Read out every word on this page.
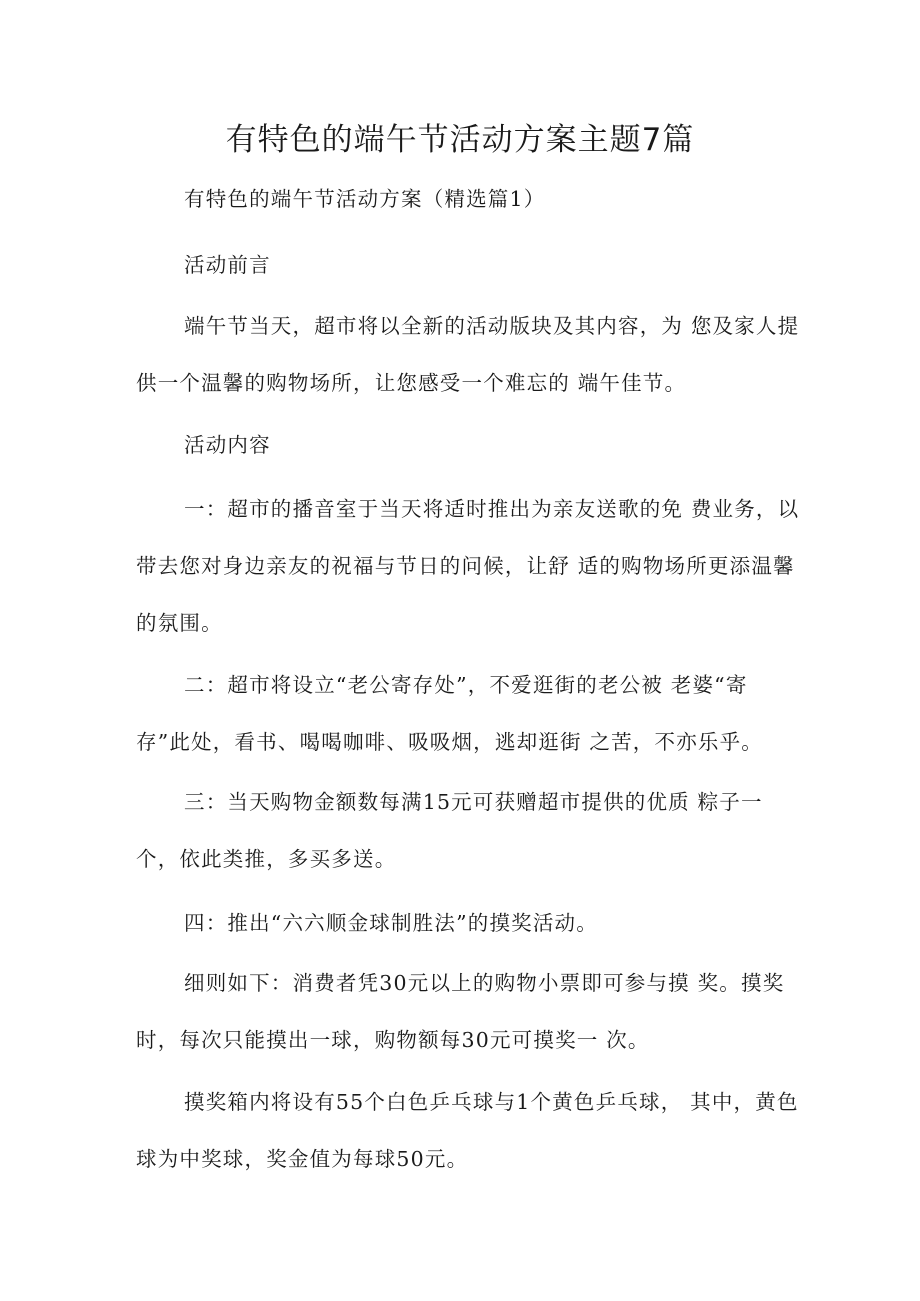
有特色的端午节活动方案主题7篇

有特色的端午节活动方案（精选篇1）

活动前言

端午节当天，超市将以全新的活动版块及其内容，为 您及家人提供一个温馨的购物场所，让您感受一个难忘的 端午佳节。

活动内容

一：超市的播音室于当天将适时推出为亲友送歌的免 费业务，以带去您对身边亲友的祝福与节日的问候，让舒 适的购物场所更添温馨的氛围。

二：超市将设立“老公寄存处”，不爱逛街的老公被 老婆“寄存”此处，看书、喝喝咖啡、吸吸烟，逃却逛街 之苦，不亦乐乎。

三：当天购物金额数每满15元可获赠超市提供的优质 粽子一个，依此类推，多买多送。

四：推出“六六顺金球制胜法”的摸奖活动。

细则如下：消费者凭30元以上的购物小票即可参与摸 奖。摸奖时，每次只能摸出一球，购物额每30元可摸奖一 次。

摸奖箱内将设有55个白色乒乓球与1个黄色乒乓球， 其中，黄色球为中奖球，奖金值为每球50元。
